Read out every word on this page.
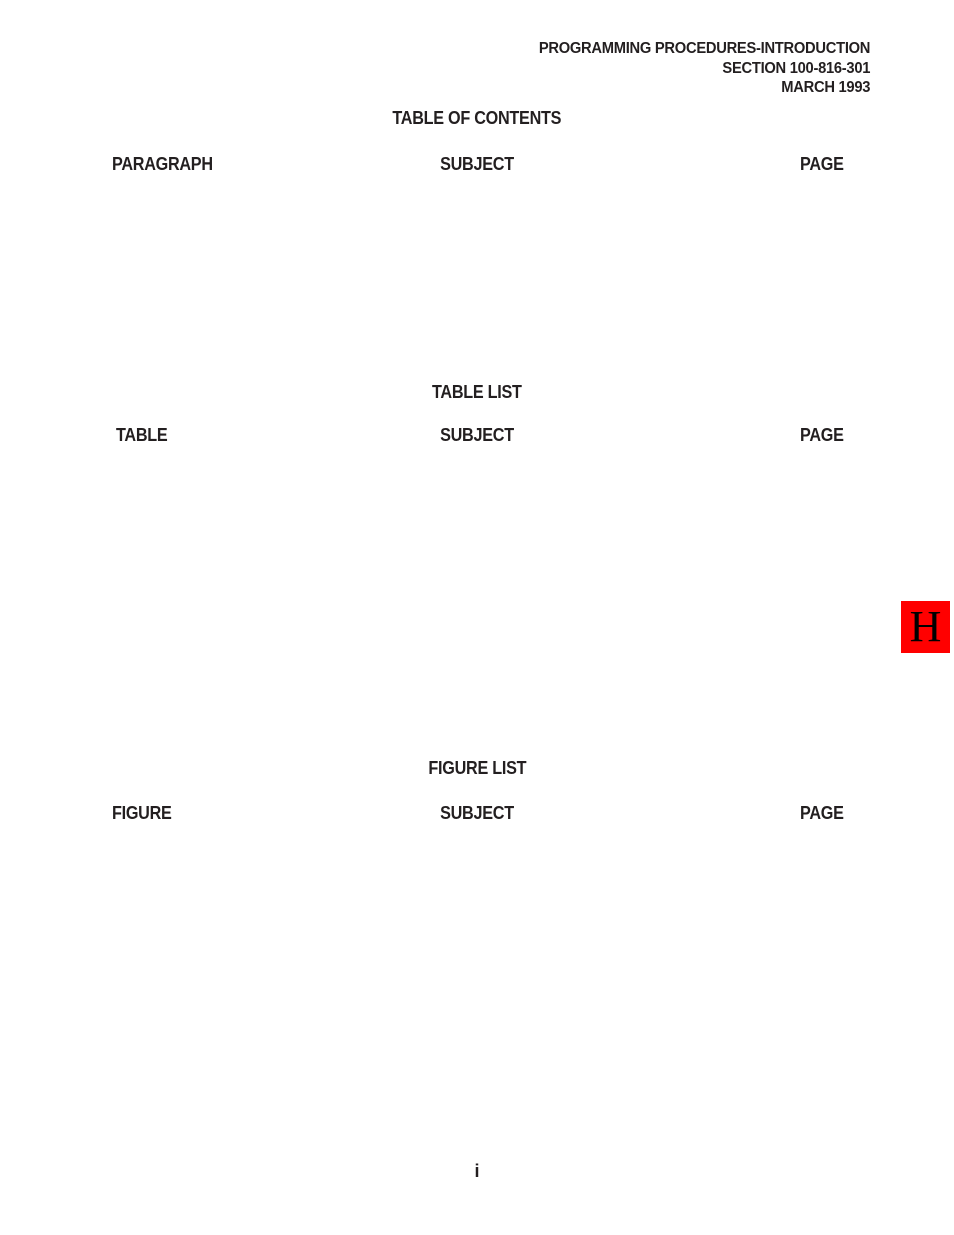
PROGRAMMING PROCEDURES-INTRODUCTION
SECTION 100-816-301
MARCH 1993
TABLE OF CONTENTS
PARAGRAPH	SUBJECT	PAGE
TABLE LIST
TABLE	SUBJECT	PAGE
H
FIGURE LIST
FIGURE	SUBJECT	PAGE
i
